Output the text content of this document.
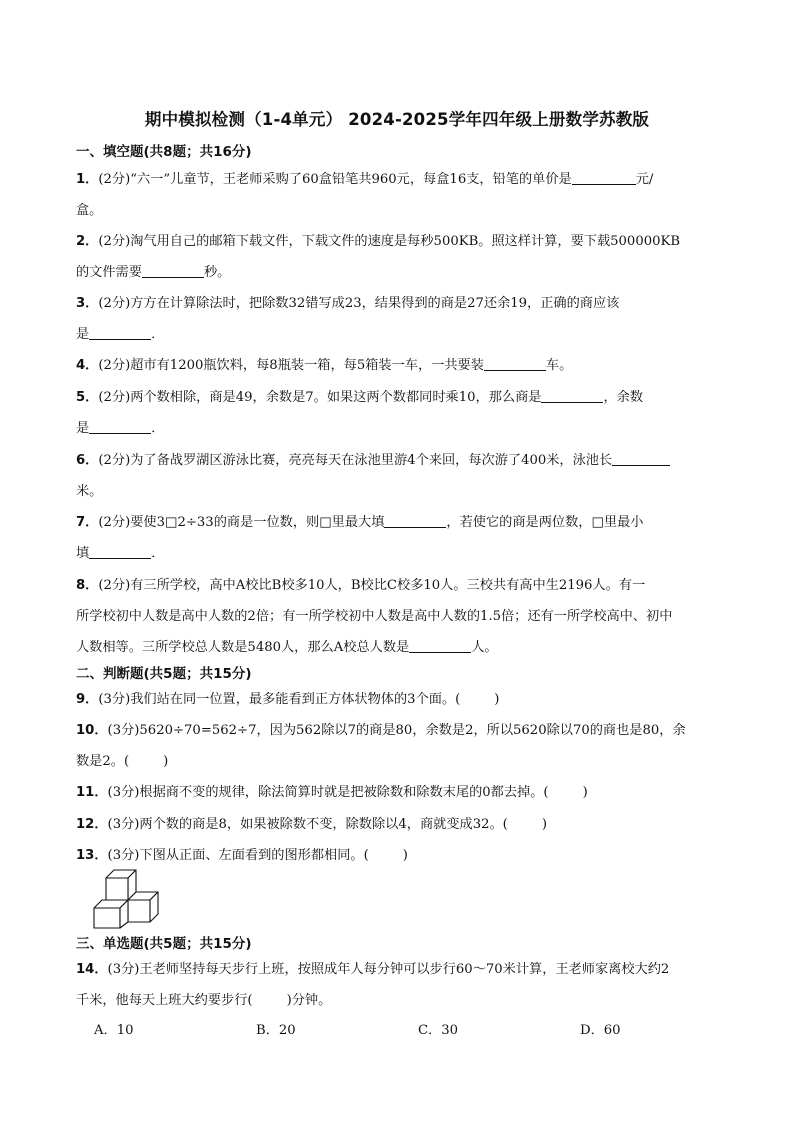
期中模拟检测（1-4单元） 2024-2025学年四年级上册数学苏教版
一、填空题(共8题；共16分)
1．(2分)“六一”儿童节，王老师采购了60盒铅笔共960元，每盒16支，铅笔的单价是	元/
盒。
2．(2分)淘气用自己的邮箱下载文件，下载文件的速度是每秒500KB。照这样计算，要下载500000KB
的文件需要	秒。
3．(2分)方方在计算除法时，把除数32错写成23，结果得到的商是27还余19，正确的商应该
是	．
4．(2分)超市有1200瓶饮料，每8瓶装一箱，每5箱装一车，一共要装	车。
5．(2分)两个数相除，商是49，余数是7。如果这两个数都同时乘10，那么商是	，余数
是	．
6．(2分)为了备战罗湖区游泳比赛，亮亮每天在泳池里游4个来回，每次游了400米，泳池长
米。
7．(2分)要使3□2÷33的商是一位数，则□里最大填	，若使它的商是两位数，□里最小
填	．
8．(2分)有三所学校，高中A校比B校多10人，B校比C校多10人。三校共有高中生2196人。有一
所学校初中人数是高中人数的2倍；有一所学校初中人数是高中人数的1.5倍；还有一所学校高中、初中
人数相等。三所学校总人数是5480人，那么A校总人数是	人。
二、判断题(共5题；共15分)
9．(3分)我们站在同一位置，最多能看到正方体状物体的3个面。(	)
10．(3分)5620÷70=562÷7，因为562除以7的商是80，余数是2，所以5620除以70的商也是80，余
数是2。(	)
11．(3分)根据商不变的规律，除法简算时就是把被除数和除数末尾的0都去掉。(	)
12．(3分)两个数的商是8，如果被除数不变，除数除以4，商就变成32。(	)
13．(3分)下图从正面、左面看到的图形都相同。(	)
三、单选题(共5题；共15分)
14．(3分)王老师坚持每天步行上班，按照成年人每分钟可以步行60～70米计算，王老师家离校大约2
千米，他每天上班大约要步行(	)分钟。
A．10	B．20	C．30	D．60
